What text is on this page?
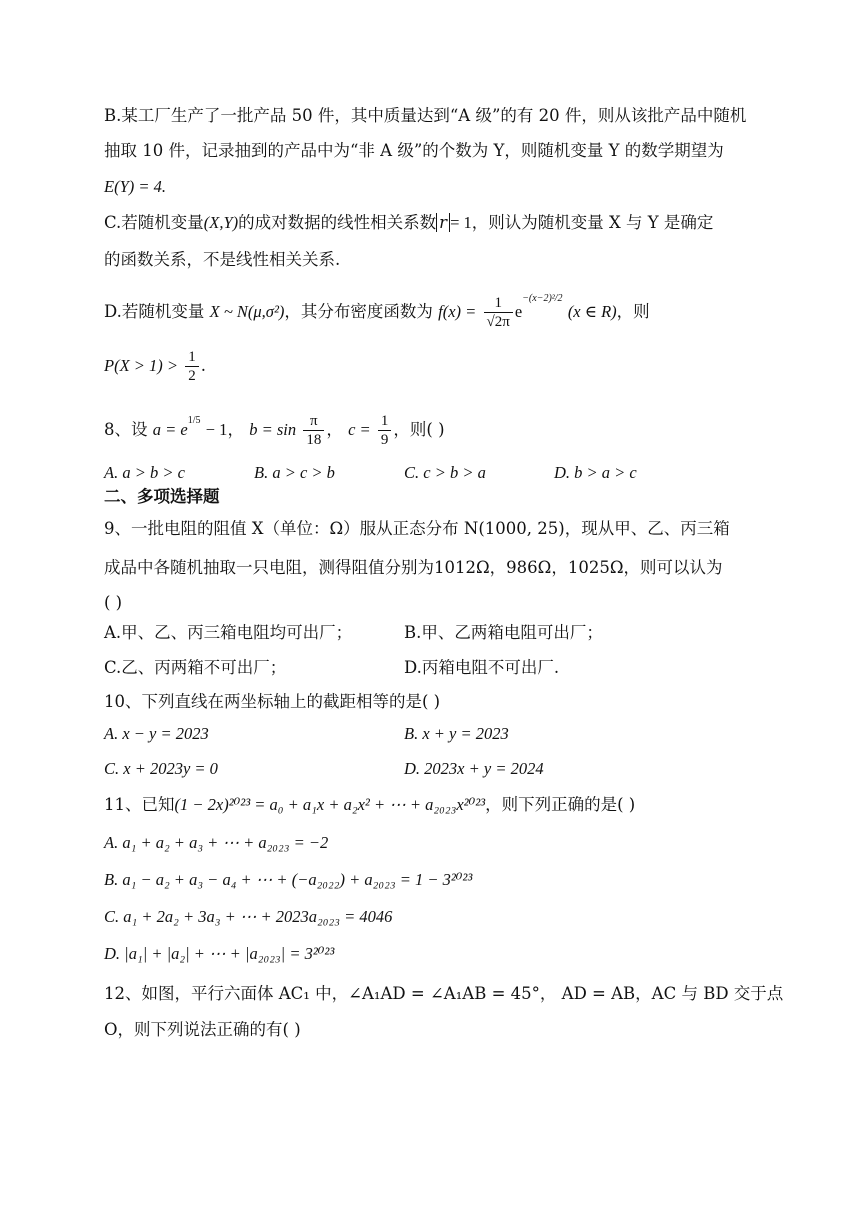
B.某工厂生产了一批产品 50 件，其中质量达到“A 级”的有 20 件，则从该批产品中随机
抽取 10 件，记录抽到的产品中为“非 A 级”的个数为 Y，则随机变量 Y 的数学期望为
E(Y) = 4.
C.若随机变量(X,Y)的成对数据的线性相关系数 r = 1，则认为随机变量 X 与 Y 是确定
的函数关系，不是线性相关关系.
D.若随机变量 X ~ N(μ,σ²)，其分布密度函数为 $f(x) = \frac{1}{√2\pi} e^{-(x-2)^2/2}$ (x ∈ R)，则
$P(X > 1) > \frac{1}{2}$ .
8、设 $a = e^{1/5} - 1$， $b = \sin \frac{\pi}{18}$ ， $c = \frac{1}{9}$ ，则( )
A. a > b > c	B. a > c > b	C. c > b > a	D. b > a > c
二、多项选择题
9、一批电阻的阻值 X（单位：Ω）服从正态分布 N(1000, 25)，现从甲、乙、丙三箱
成品中各随机抽取一只电阻，测得阻值分别为1012Ω，986Ω，1025Ω，则可以认为
( )
A.甲、乙、丙三箱电阻均可出厂；	B.甲、乙两箱电阻可出厂；
C.乙、丙两箱不可出厂；	D.丙箱电阻不可出厂.
10、下列直线在两坐标轴上的截距相等的是( )
A. x − y = 2023	B. x + y = 2023
C. x + 2023y = 0	D. 2023x + y = 2024
11、已知(1 − 2x)²⁰²³ = a₀ + a₁x + a₂x² + ⋯ + a₂₀₂₃x²⁰²³，则下列正确的是( )
A. a₁ + a₂ + a₃ + ⋯ + a₂₀₂₃ = −2
B. a₁ − a₂ + a₃ − a₄ + ⋯ + (−a₂₀₂₂) + a₂₀₂₃ = 1 − 3²⁰²³
C. a₁ + 2a₂ + 3a₃ + ⋯ + 2023a₂₀₂₃ = 4046
D. |a₁| + |a₂| + ⋯ + |a₂₀₂₃| = 3²⁰²³
12、如图，平行六面体 AC₁ 中，∠A₁AD = ∠A₁AB = 45°， AD = AB，AC 与 BD 交于点
O，则下列说法正确的有( )
